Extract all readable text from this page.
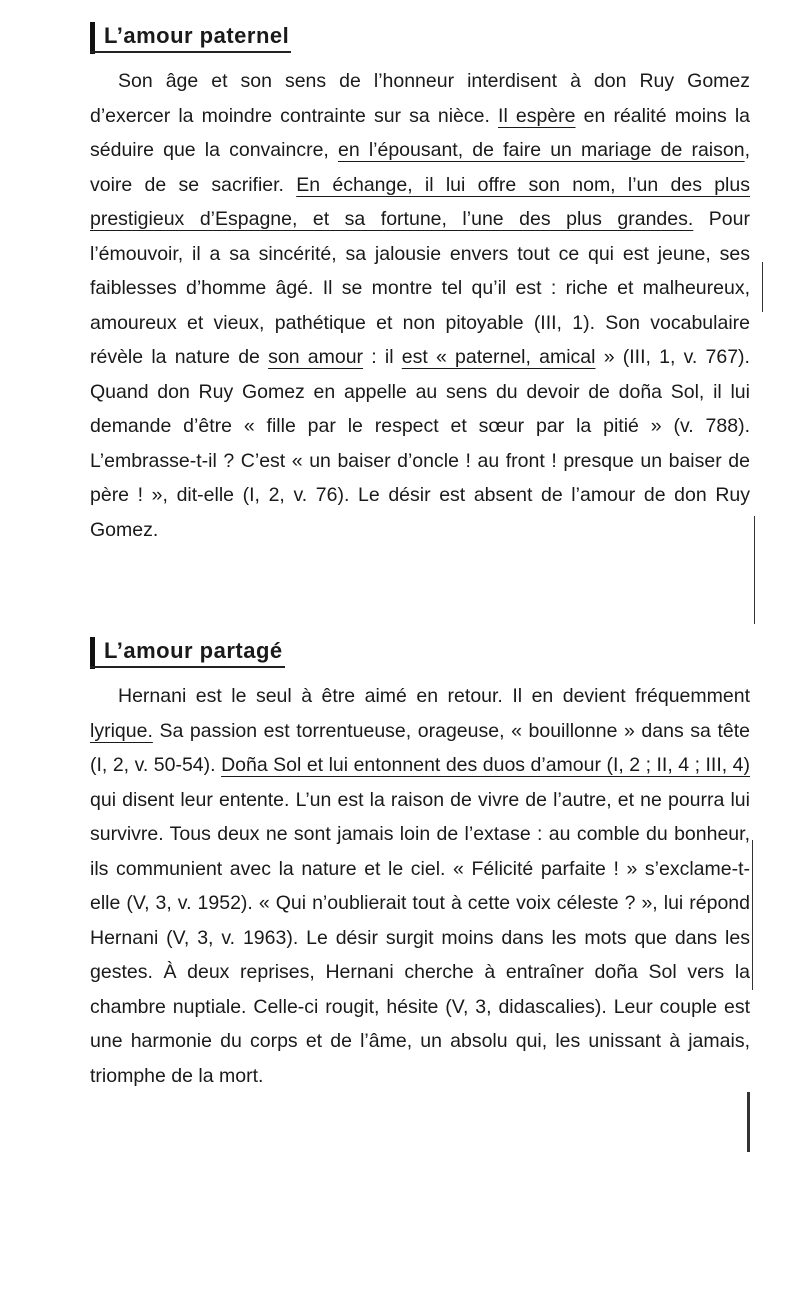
L’amour paternel

Son âge et son sens de l’honneur interdisent à don Ruy Gomez d’exercer la moindre contrainte sur sa nièce. Il espère en réalité moins la séduire que la convaincre, en l’épousant, de faire un mariage de raison, voire de se sacrifier. En échange, il lui offre son nom, l’un des plus prestigieux d’Espagne, et sa fortune, l’une des plus grandes. Pour l’émouvoir, il a sa sincérité, sa jalousie envers tout ce qui est jeune, ses faiblesses d’homme âgé. Il se montre tel qu’il est : riche et malheureux, amoureux et vieux, pathétique et non pitoyable (III, 1). Son vocabulaire révèle la nature de son amour : il est « paternel, amical » (III, 1, v. 767). Quand don Ruy Gomez en appelle au sens du devoir de doña Sol, il lui demande d’être « fille par le respect et sœur par la pitié » (v. 788). L’embrasse-t-il ? C’est « un baiser d’oncle ! au front ! presque un baiser de père ! », dit-elle (I, 2, v. 76). Le désir est absent de l’amour de don Ruy Gomez.

L’amour partagé

Hernani est le seul à être aimé en retour. Il en devient fréquemment lyrique. Sa passion est torrentueuse, orageuse, « bouillonne » dans sa tête (I, 2, v. 50-54). Doña Sol et lui entonnent des duos d’amour (I, 2 ; II, 4 ; III, 4) qui disent leur entente. L’un est la raison de vivre de l’autre, et ne pourra lui survivre. Tous deux ne sont jamais loin de l’extase : au comble du bonheur, ils communient avec la nature et le ciel. « Félicité parfaite ! » s’exclame-t-elle (V, 3, v. 1952). « Qui n’oublierait tout à cette voix céleste ? », lui répond Hernani (V, 3, v. 1963). Le désir surgit moins dans les mots que dans les gestes. À deux reprises, Hernani cherche à entraîner doña Sol vers la chambre nuptiale. Celle-ci rougit, hésite (V, 3, didascalies). Leur couple est une harmonie du corps et de l’âme, un absolu qui, les unissant à jamais, triomphe de la mort.
